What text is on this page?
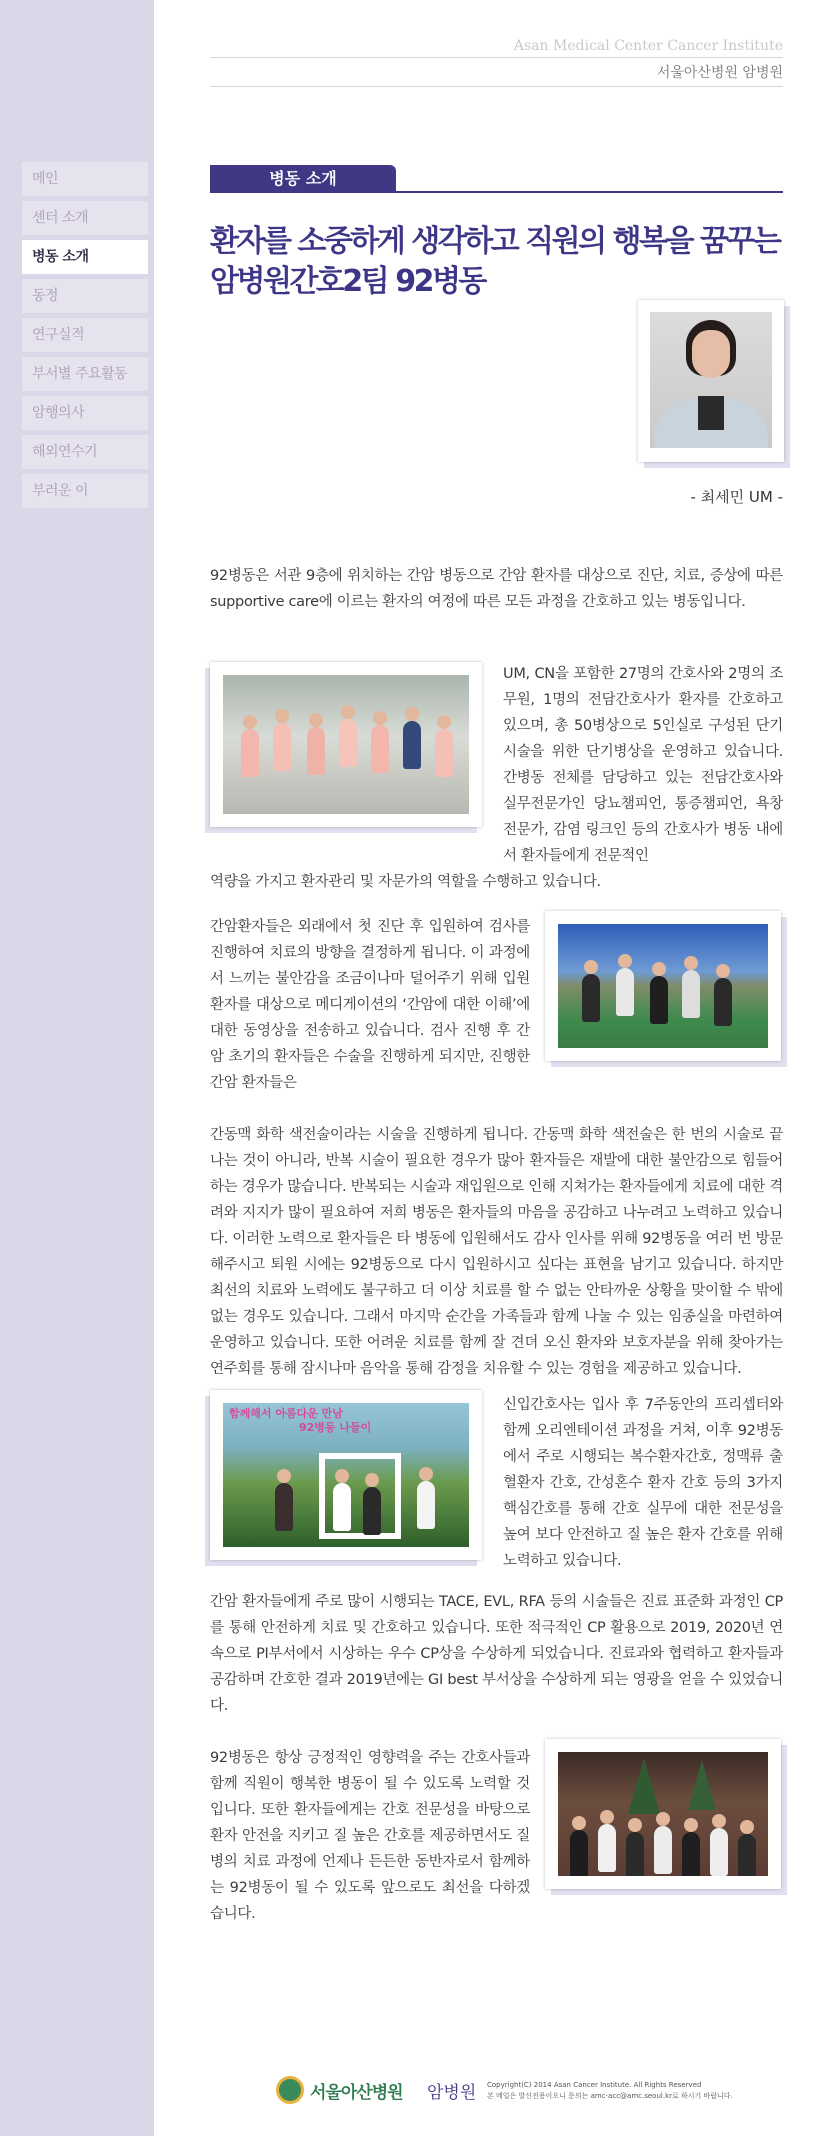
메인
센터 소개
병동 소개
동정
연구실적
부서별 주요활동
암행의사
해외연수기
부러운 이
Asan Medical Center Cancer Institute
서울아산병원 암병원
병동 소개
환자를 소중하게 생각하고 직원의 행복을 꿈꾸는
암병원간호2팀 92병동
- 최세민 UM -

92병동은 서관 9층에 위치하는 간암 병동으로 간암 환자를 대상으로 진단, 치료, 증상에 따른 supportive care에 이르는 환자의 여정에 따른 모든 과정을 간호하고 있는 병동입니다.

UM, CN을 포함한 27명의 간호사와 2명의 조무원, 1명의 전담간호사가 환자를 간호하고 있으며, 총 50병상으로 5인실로 구성된 단기 시술을 위한 단기병상을 운영하고 있습니다. 간병동 전체를 담당하고 있는 전담간호사와 실무전문가인 당뇨챔피언, 통증챔피언, 욕창 전문가, 감염 링크인 등의 간호사가 병동 내에서 환자들에게 전문적인

역량을 가지고 환자관리 및 자문가의 역할을 수행하고 있습니다.

간암환자들은 외래에서 첫 진단 후 입원하여 검사를 진행하여 치료의 방향을 결정하게 됩니다. 이 과정에서 느끼는 불안감을 조금이나마 덜어주기 위해 입원환자를 대상으로 메디게이션의 ‘간암에 대한 이해’에 대한 동영상을 전송하고 있습니다. 검사 진행 후 간암 초기의 환자들은 수술을 진행하게 되지만, 진행한 간암 환자들은

간동맥 화학 색전술이라는 시술을 진행하게 됩니다. 간동맥 화학 색전술은 한 번의 시술로 끝나는 것이 아니라, 반복 시술이 필요한 경우가 많아 환자들은 재발에 대한 불안감으로 힘들어 하는 경우가 많습니다. 반복되는 시술과 재입원으로 인해 지쳐가는 환자들에게 치료에 대한 격려와 지지가 많이 필요하여 저희 병동은 환자들의 마음을 공감하고 나누려고 노력하고 있습니다. 이러한 노력으로 환자들은 타 병동에 입원해서도 감사 인사를 위해 92병동을 여러 번 방문해주시고 퇴원 시에는 92병동으로 다시 입원하시고 싶다는 표현을 남기고 있습니다. 하지만 최선의 치료와 노력에도 불구하고 더 이상 치료를 할 수 없는 안타까운 상황을 맞이할 수 밖에 없는 경우도 있습니다. 그래서 마지막 순간을 가족들과 함께 나눌 수 있는 임종실을 마련하여 운영하고 있습니다. 또한 어려운 치료를 함께 잘 견뎌 오신 환자와 보호자분을 위해 찾아가는 연주회를 통해 잠시나마 음악을 통해 감정을 치유할 수 있는 경험을 제공하고 있습니다.

함께해서 아름다운 만남
92병동 나들이

신입간호사는 입사 후 7주동안의 프리셉터와 함께 오리엔테이션 과정을 거쳐, 이후 92병동에서 주로 시행되는 복수환자간호, 정맥류 출혈환자 간호, 간성혼수 환자 간호 등의 3가지 핵심간호를 통해 간호 실무에 대한 전문성을 높여 보다 안전하고 질 높은 환자 간호를 위해 노력하고 있습니다.

간암 환자들에게 주로 많이 시행되는 TACE, EVL, RFA 등의 시술들은 진료 표준화 과정인 CP를 통해 안전하게 치료 및 간호하고 있습니다. 또한 적극적인 CP 활용으로 2019, 2020년 연속으로 PI부서에서 시상하는 우수 CP상을 수상하게 되었습니다. 진료과와 협력하고 환자들과 공감하며 간호한 결과 2019년에는 GI best 부서상을 수상하게 되는 영광을 얻을 수 있었습니다.

92병동은 항상 긍정적인 영향력을 주는 간호사들과 함께 직원이 행복한 병동이 될 수 있도록 노력할 것 입니다. 또한 환자들에게는 간호 전문성을 바탕으로 환자 안전을 지키고 질 높은 간호를 제공하면서도 질병의 치료 과정에 언제나 든든한 동반자로서 함께하는 92병동이 될 수 있도록 앞으로도 최선을 다하겠습니다.

서울아산병원 암병원 Copyright(C) 2014 Asan Cancer Institute. All Rights Reserved
본 메일은 발신전용이오니 문의는 amc-acc@amc.seoul.kr로 하시기 바랍니다.
